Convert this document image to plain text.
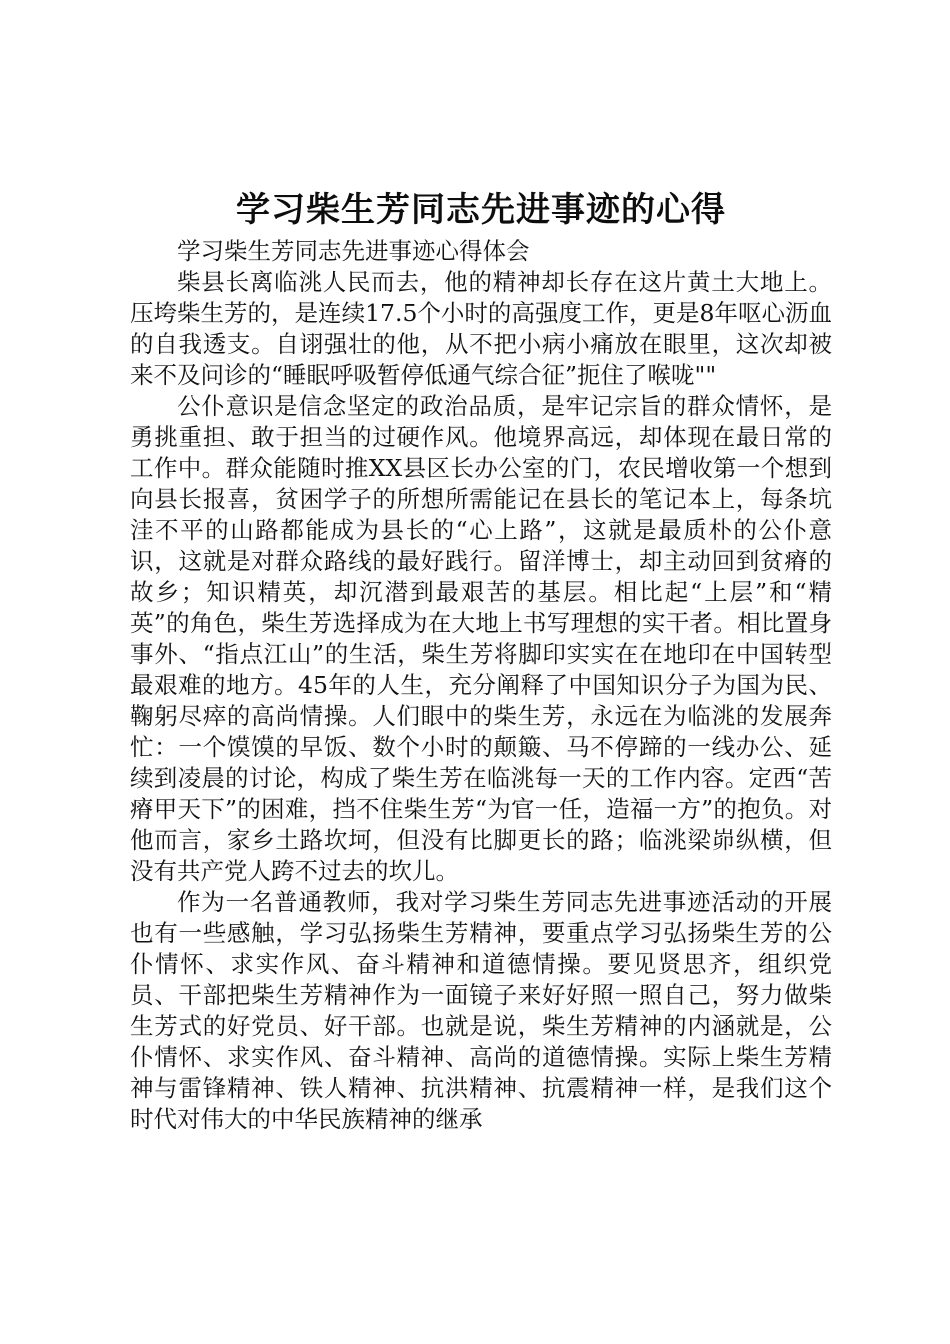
学习柴生芳同志先进事迹的心得

学习柴生芳同志先进事迹心得体会

柴县长离临洮人民而去，他的精神却长存在这片黄土大地上。压垮柴生芳的，是连续17.5个小时的高强度工作，更是8年呕心沥血的自我透支。自诩强壮的他，从不把小病小痛放在眼里，这次却被来不及问诊的“睡眠呼吸暂停低通气综合征”扼住了喉咙""

公仆意识是信念坚定的政治品质，是牢记宗旨的群众情怀，是勇挑重担、敢于担当的过硬作风。他境界高远，却体现在最日常的工作中。群众能随时推XX县区长办公室的门，农民增收第一个想到向县长报喜，贫困学子的所想所需能记在县长的笔记本上，每条坑洼不平的山路都能成为县长的“心上路”，这就是最质朴的公仆意识，这就是对群众路线的最好践行。留洋博士，却主动回到贫瘠的故乡；知识精英，却沉潜到最艰苦的基层。相比起“上层”和“精英”的角色，柴生芳选择成为在大地上书写理想的实干者。相比置身事外、“指点江山”的生活，柴生芳将脚印实实在在地印在中国转型最艰难的地方。45年的人生，充分阐释了中国知识分子为国为民、鞠躬尽瘁的高尚情操。人们眼中的柴生芳，永远在为临洮的发展奔忙：一个馍馍的早饭、数个小时的颠簸、马不停蹄的一线办公、延续到凌晨的讨论，构成了柴生芳在临洮每一天的工作内容。定西“苦瘠甲天下”的困难，挡不住柴生芳“为官一任，造福一方”的抱负。对他而言，家乡土路坎坷，但没有比脚更长的路；临洮梁峁纵横，但没有共产党人跨不过去的坎儿。

作为一名普通教师，我对学习柴生芳同志先进事迹活动的开展也有一些感触，学习弘扬柴生芳精神，要重点学习弘扬柴生芳的公仆情怀、求实作风、奋斗精神和道德情操。要见贤思齐，组织党员、干部把柴生芳精神作为一面镜子来好好照一照自己，努力做柴生芳式的好党员、好干部。也就是说，柴生芳精神的内涵就是，公仆情怀、求实作风、奋斗精神、高尚的道德情操。实际上柴生芳精神与雷锋精神、铁人精神、抗洪精神、抗震精神一样，是我们这个时代对伟大的中华民族精神的继承
